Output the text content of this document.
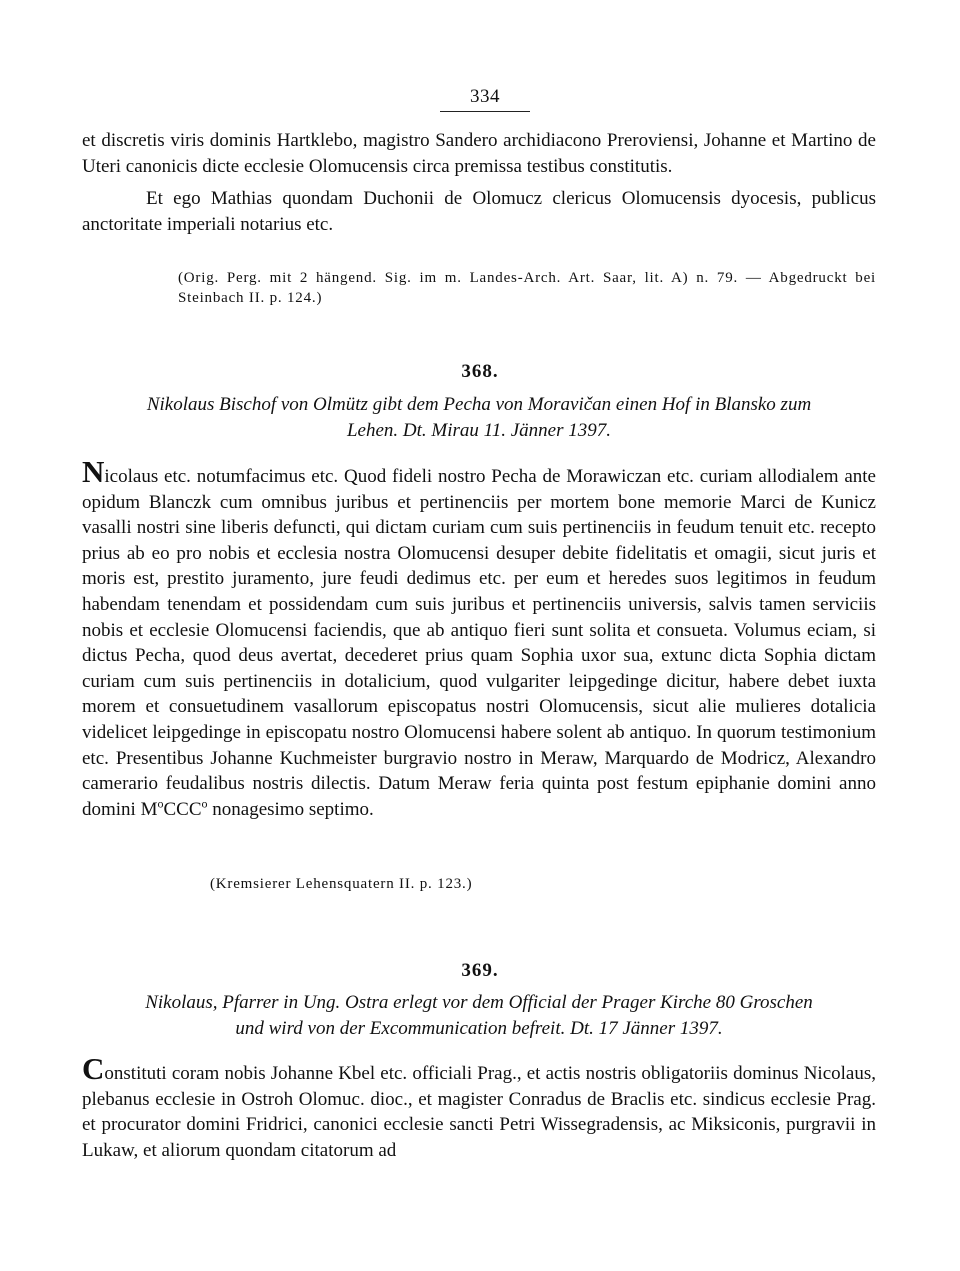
334

et discretis viris dominis Hartklebo, magistro Sandero archidiacono Preroviensi, Johanne et Martino de Uteri canonicis dicte ecclesie Olomucensis circa premissa testibus constitutis.

Et ego Mathias quondam Duchonii de Olomucz clericus Olomucensis dyocesis, publicus anctoritate imperiali notarius etc.

(Orig. Perg. mit 2 hängend. Sig. im m. Landes-Arch. Art. Saar, lit. A) n. 79. — Abgedruckt bei Steinbach II. p. 124.)

368.
Nikolaus Bischof von Olmütz gibt dem Pecha von Moravičan einen Hof in Blansko zum
Lehen. Dt. Mirau 11. Jänner 1397.

Nicolaus etc. notumfacimus etc. Quod fideli nostro Pecha de Morawiczan etc. curiam allodialem ante opidum Blanczk cum omnibus juribus et pertinenciis per mortem bone memorie Marci de Kunicz vasalli nostri sine liberis defuncti, qui dictam curiam cum suis pertinenciis in feudum tenuit etc. recepto prius ab eo pro nobis et ecclesia nostra Olomucensi desuper debite fidelitatis et omagii, sicut juris et moris est, prestito juramento, jure feudi dedimus etc. per eum et heredes suos legitimos in feudum habendam tenendam et possidendam cum suis juribus et pertinenciis universis, salvis tamen serviciis nobis et ecclesie Olomucensi faciendis, que ab antiquo fieri sunt solita et consueta. Volumus eciam, si dictus Pecha, quod deus avertat, decederet prius quam Sophia uxor sua, extunc dicta Sophia dictam curiam cum suis pertinenciis in dotalicium, quod vulgariter leipgedinge dicitur, habere debet iuxta morem et consuetudinem vasallorum episcopatus nostri Olomucensis, sicut alie mulieres dotalicia videlicet leipgedinge in episcopatu nostro Olomucensi habere solent ab antiquo. In quorum testimonium etc. Presentibus Johanne Kuchmeister burgravio nostro in Meraw, Marquardo de Modricz, Alexandro camerario feudalibus nostris dilectis. Datum Meraw feria quinta post festum epiphanie domini anno domini $M^oCCC^o$ nonagesimo septimo.

(Kremsierer Lehensquatern II. p. 123.)
369.
Nikolaus, Pfarrer in Ung. Ostra erlegt vor dem Official der Prager Kirche 80 Groschen
und wird von der Excommunication befreit. Dt. 17 Jänner 1397.

Constituti coram nobis Johanne Kbel etc. officiali Prag., et actis nostris obligatoriis dominus Nicolaus, plebanus ecclesie in Ostroh Olomuc. dioc., et magister Conradus de Braclis etc. sindicus ecclesie Prag. et procurator domini Fridrici, canonici ecclesie sancti Petri Wissegradensis, ac Miksiconis, purgravii in Lukaw, et aliorum quondam citatorum ad
